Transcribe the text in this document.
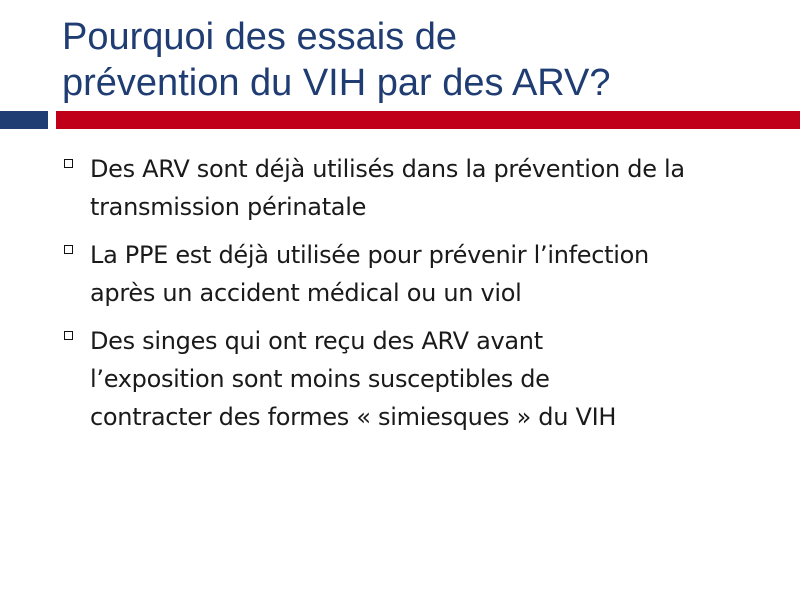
Pourquoi des essais de
prévention du VIH par des ARV?
Des ARV sont déjà utilisés dans la prévention de la
transmission périnatale
La PPE est déjà utilisée pour prévenir l’infection
après un accident médical ou un viol
Des singes qui ont reçu des ARV avant
l’exposition sont moins susceptibles de
contracter des formes « simiesques » du VIH
